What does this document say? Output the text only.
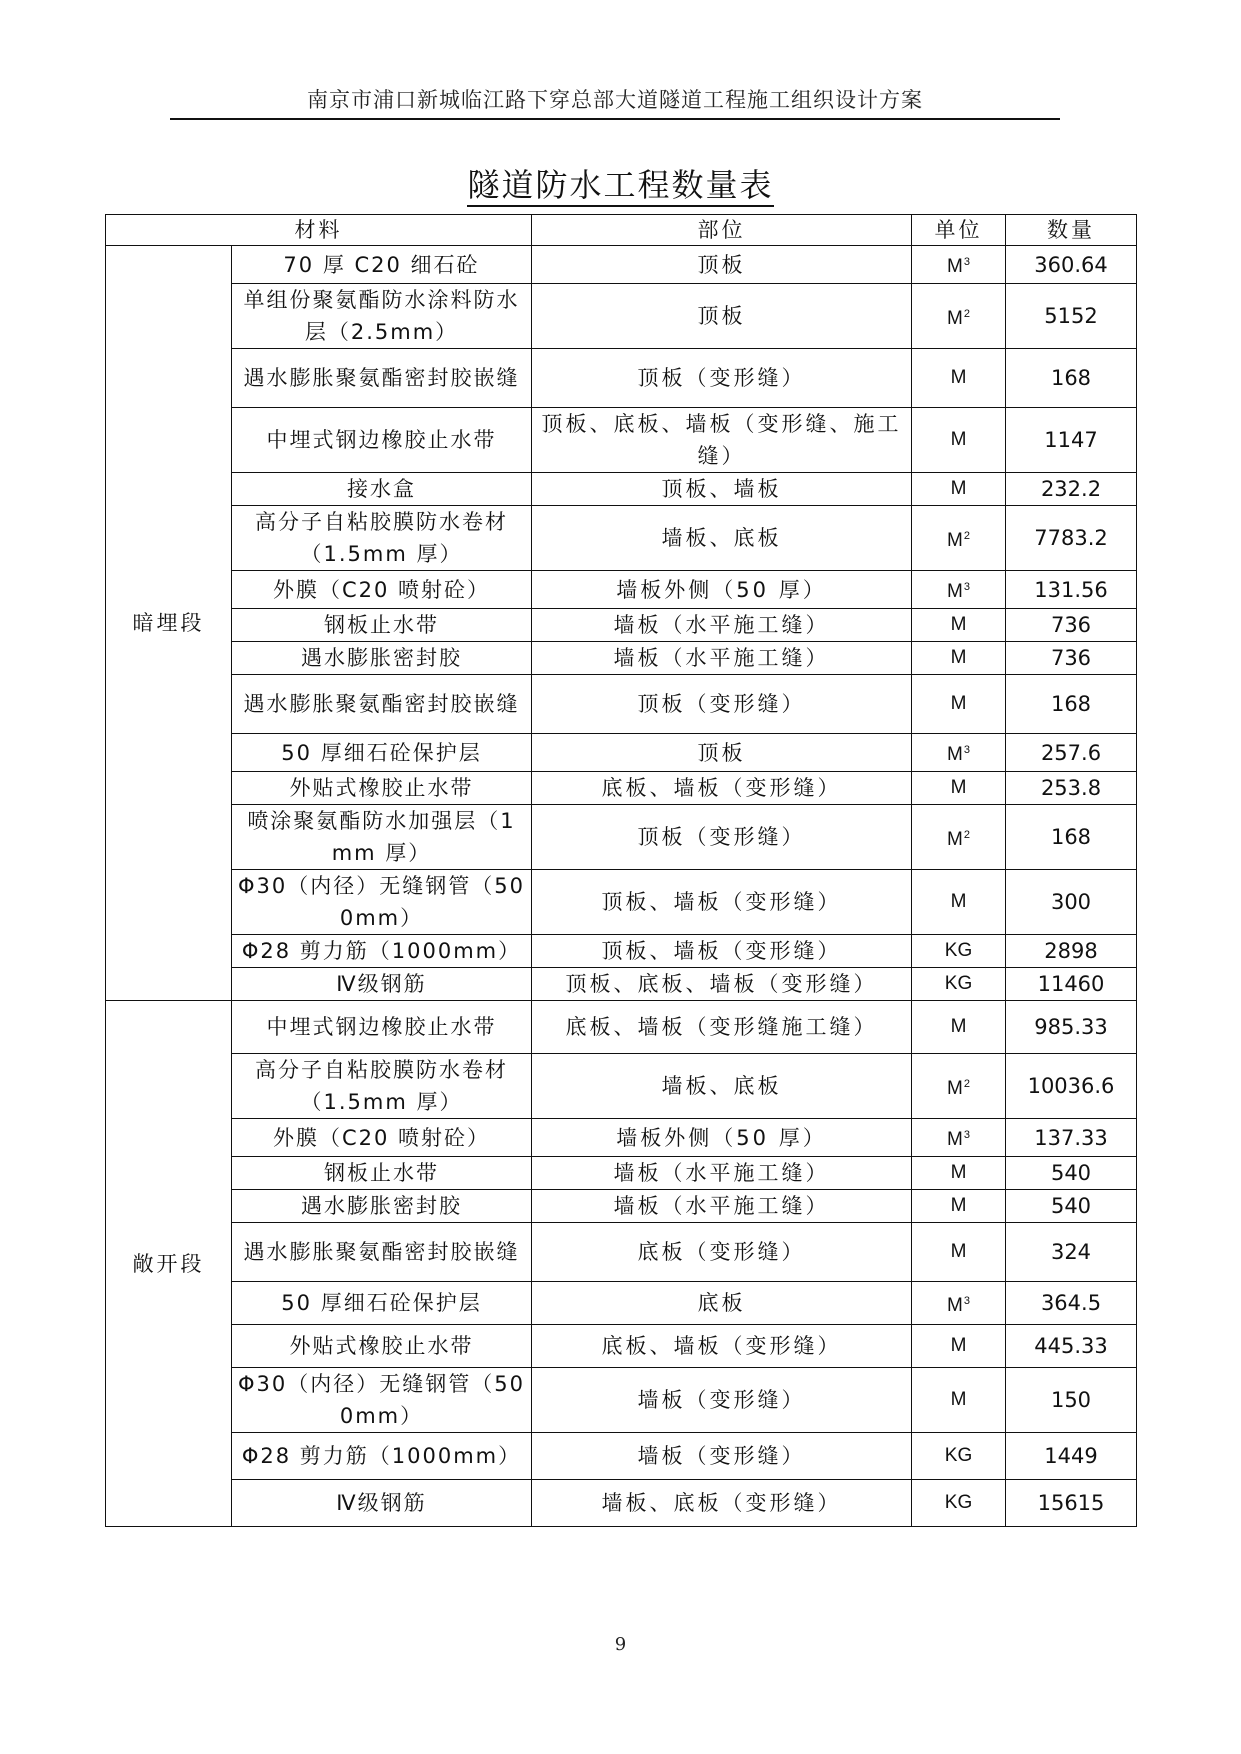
南京市浦口新城临江路下穿总部大道隧道工程施工组织设计方案
隧道防水工程数量表
材料		部位	单位	数量
暗埋段	70 厚 C20 细石砼	顶板	$M^3$	360.64
	单组份聚氨酯防水涂料防水层（2.5mm）	顶板	$M^2$	5152
	遇水膨胀聚氨酯密封胶嵌缝	顶板（变形缝）	M	168
	中埋式钢边橡胶止水带	顶板、底板、墙板（变形缝、施工缝）	M	1147
	接水盒	顶板、墙板	M	232.2
	高分子自粘胶膜防水卷材（1.5mm 厚）	墙板、底板	$M^2$	7783.2
	外膜（C20 喷射砼）	墙板外侧（50 厚）	$M^3$	131.56
	钢板止水带	墙板（水平施工缝）	M	736
	遇水膨胀密封胶	墙板（水平施工缝）	M	736
	遇水膨胀聚氨酯密封胶嵌缝	顶板（变形缝）	M	168
	50 厚细石砼保护层	顶板	$M^3$	257.6
	外贴式橡胶止水带	底板、墙板（变形缝）	M	253.8
	喷涂聚氨酯防水加强层（1mm 厚）	顶板（变形缝）	$M^2$	168
	Φ30（内径）无缝钢管（500mm）	顶板、墙板（变形缝）	M	300
	Φ28 剪力筋（1000mm）	顶板、墙板（变形缝）	KG	2898
	Ⅳ级钢筋	顶板、底板、墙板（变形缝）	KG	11460
敞开段	中埋式钢边橡胶止水带	底板、墙板（变形缝施工缝）	M	985.33
	高分子自粘胶膜防水卷材（1.5mm 厚）	墙板、底板	$M^2$	10036.6
	外膜（C20 喷射砼）	墙板外侧（50 厚）	$M^3$	137.33
	钢板止水带	墙板（水平施工缝）	M	540
	遇水膨胀密封胶	墙板（水平施工缝）	M	540
	遇水膨胀聚氨酯密封胶嵌缝	底板（变形缝）	M	324
	50 厚细石砼保护层	底板	$M^3$	364.5
	外贴式橡胶止水带	底板、墙板（变形缝）	M	445.33
	Φ30（内径）无缝钢管（500mm）	墙板（变形缝）	M	150
	Φ28 剪力筋（1000mm）	墙板（变形缝）	KG	1449
	Ⅳ级钢筋	墙板、底板（变形缝）	KG	15615
9
